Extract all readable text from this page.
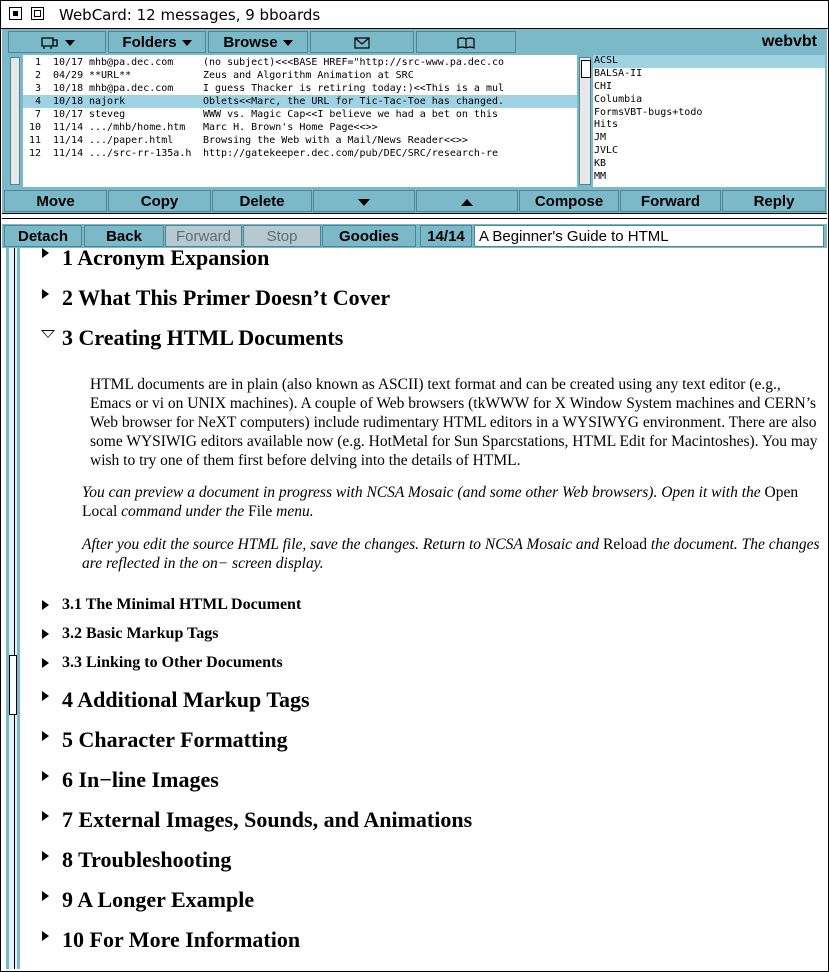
WebCard: 12 messages, 9 bboards
Folders	Browse	webvbt
1 10/17 mhb@pa.dec.com	(no subject)<<<BASE HREF="http://src-www.pa.dec.co
2 04/29 **URL**	Zeus and Algorithm Animation at SRC
3 10/18 mhb@pa.dec.com	I guess Thacker is retiring today:)<<This is a mul
4 10/18 najork	Oblets<<Marc, the URL for Tic-Tac-Toe has changed.
7 10/17 steveg	WWW vs. Magic Cap<<I believe we had a bet on this
10 11/14 .../mhb/home.htm Marc H. Brown's Home Page<<>>
11 11/14 .../paper.html	Browsing the Web with a Mail/News Reader<<>>
12 11/14 .../src-rr-135a.h http://gatekeeper.dec.com/pub/DEC/SRC/research-re
ACSL
BALSA-II
CHI
Columbia
FormsVBT-bugs+todo
Hits
JM
JVLC
KB
MM
Move	Copy	Delete	Compose	Forward	Reply
Detach	Back	Forward	Stop	Goodies	14/14 A Beginner's Guide to HTML
1 Acronym Expansion
2 What This Primer Doesn’t Cover
3 Creating HTML Documents
HTML documents are in plain (also known as ASCII) text format and can be created using any text editor (e.g., Emacs or vi on UNIX machines). A couple of Web browsers (tkWWW for X Window System machines and CERN’s Web browser for NeXT computers) include rudimentary HTML editors in a WYSIWYG environment. There are also some WYSIWIG editors available now (e.g. HotMetal for Sun Sparcstations, HTML Edit for Macintoshes). You may wish to try one of them first before delving into the details of HTML.
You can preview a document in progress with NCSA Mosaic (and some other Web browsers). Open it with the Open Local command under the File menu.
After you edit the source HTML file, save the changes. Return to NCSA Mosaic and Reload the document. The changes are reflected in the on− screen display.
3.1 The Minimal HTML Document
3.2 Basic Markup Tags
3.3 Linking to Other Documents
4 Additional Markup Tags
5 Character Formatting
6 In−line Images
7 External Images, Sounds, and Animations
8 Troubleshooting
9 A Longer Example
10 For More Information
